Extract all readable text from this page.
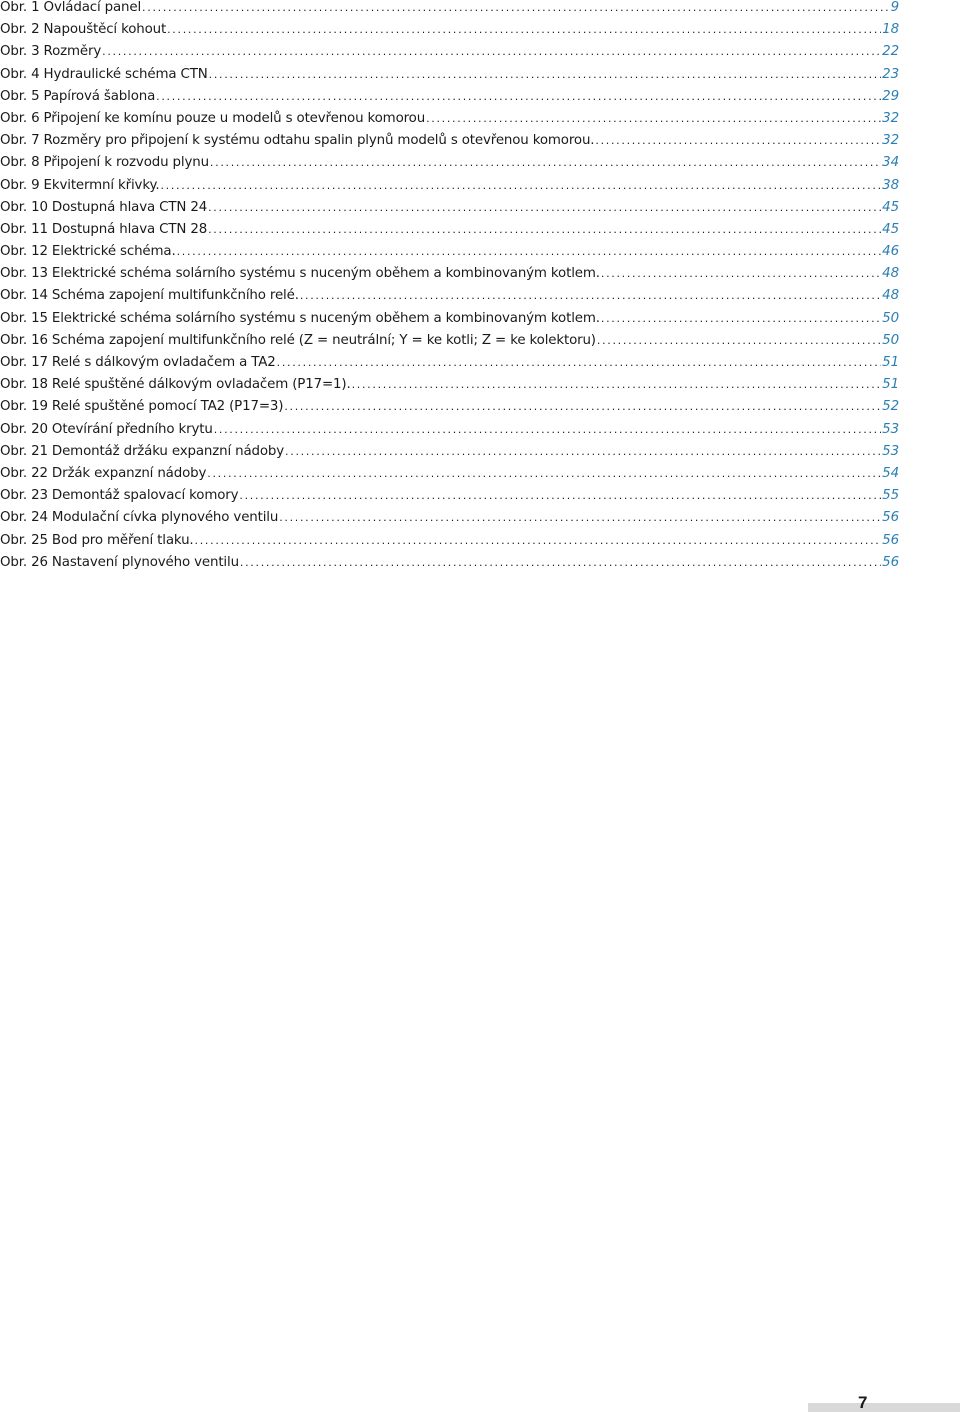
Obr. 1 Ovládací panel .....	9
Obr. 2 Napouštěcí kohout .....	18
Obr. 3 Rozměry .....	22
Obr. 4 Hydraulické schéma CTN .....	23
Obr. 5 Papírová šablona .....	29
Obr. 6 Připojení ke komínu pouze u modelů s otevřenou komorou .....	32
Obr. 7 Rozměry pro připojení k systému odtahu spalin plynů modelů s otevřenou komorou. .....	32
Obr. 8 Připojení k rozvodu plynu .....	34
Obr. 9 Ekvitermní křivky. .....	38
Obr. 10 Dostupná hlava CTN 24 .....	45
Obr. 11 Dostupná hlava CTN 28 .....	45
Obr. 12 Elektrické schéma. .....	46
Obr. 13 Elektrické schéma solárního systému s nuceným oběhem a kombinovaným kotlem. .....	48
Obr. 14 Schéma zapojení multifunkčního relé. .....	48
Obr. 15 Elektrické schéma solárního systému s nuceným oběhem a kombinovaným kotlem. .....	50
Obr. 16 Schéma zapojení multifunkčního relé (Z = neutrální; Y = ke kotli; Z = ke kolektoru) .....	50
Obr. 17 Relé s dálkovým ovladačem a TA2 .....	51
Obr. 18 Relé spuštěné dálkovým ovladačem (P17=1). .....	51
Obr. 19 Relé spuštěné pomocí TA2 (P17=3) .....	52
Obr. 20 Otevírání předního krytu .....	53
Obr. 21 Demontáž držáku expanzní nádoby .....	53
Obr. 22 Držák expanzní nádoby .....	54
Obr. 23 Demontáž spalovací komory .....	55
Obr. 24 Modulační cívka plynového ventilu .....	56
Obr. 25 Bod pro měření tlaku. .....	56
Obr. 26 Nastavení plynového ventilu .....	56
7
